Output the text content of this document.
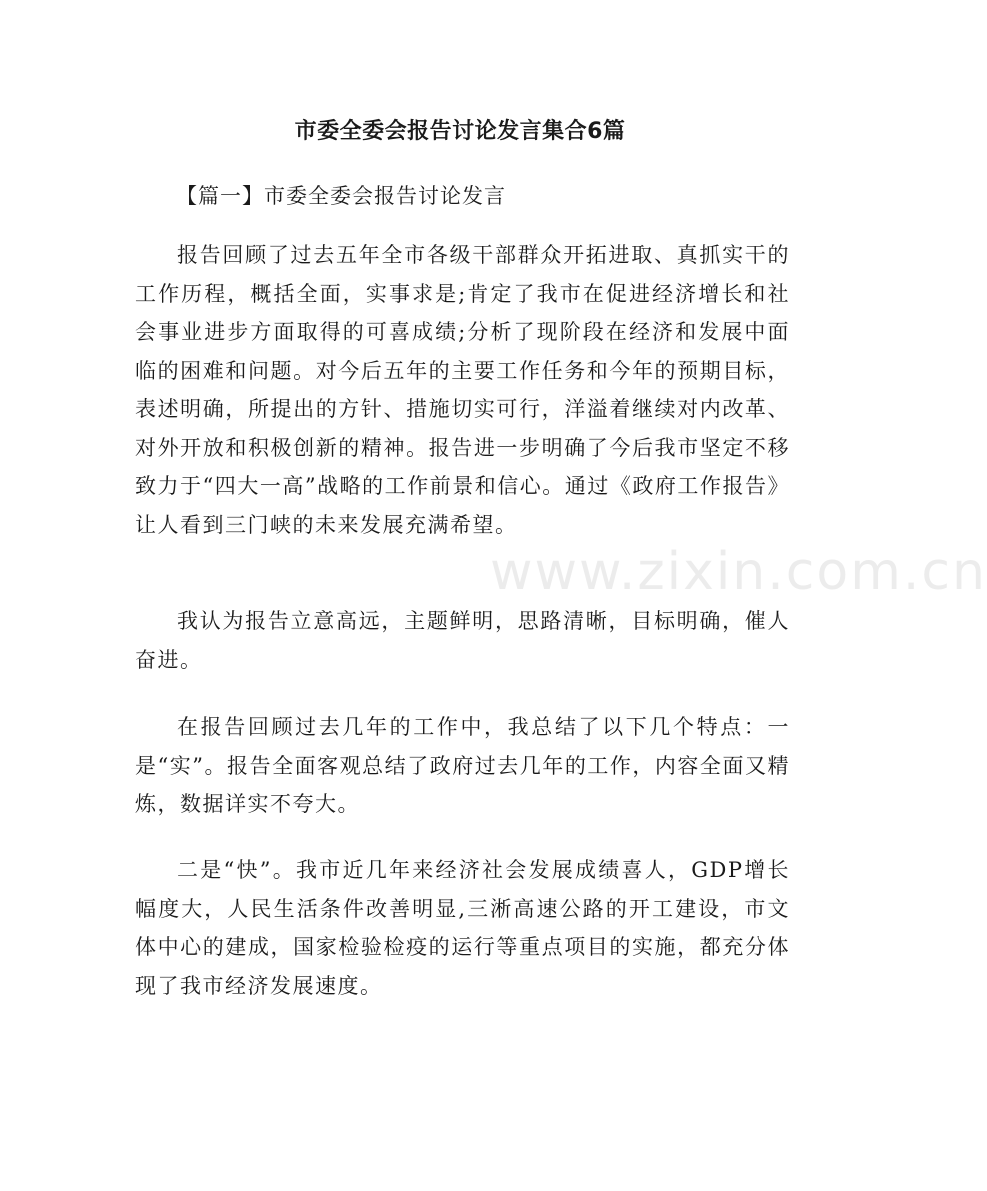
市委全委会报告讨论发言集合6篇
【篇一】市委全委会报告讨论发言

报告回顾了过去五年全市各级干部群众开拓进取、真抓实干的工作历程，概括全面，实事求是;肯定了我市在促进经济增长和社会事业进步方面取得的可喜成绩;分析了现阶段在经济和发展中面临的困难和问题。对今后五年的主要工作任务和今年的预期目标，表述明确，所提出的方针、措施切实可行，洋溢着继续对内改革、对外开放和积极创新的精神。报告进一步明确了今后我市坚定不移致力于“四大一高”战略的工作前景和信心。通过《政府工作报告》让人看到三门峡的未来发展充满希望。

我认为报告立意高远，主题鲜明，思路清晰，目标明确，催人奋进。

在报告回顾过去几年的工作中，我总结了以下几个特点：一是“实”。报告全面客观总结了政府过去几年的工作，内容全面又精炼，数据详实不夸大。

二是“快”。我市近几年来经济社会发展成绩喜人，GDP增长幅度大，人民生活条件改善明显,三淅高速公路的开工建设，市文体中心的建成，国家检验检疫的运行等重点项目的实施，都充分体现了我市经济发展速度。

www.zixin.com.cn
